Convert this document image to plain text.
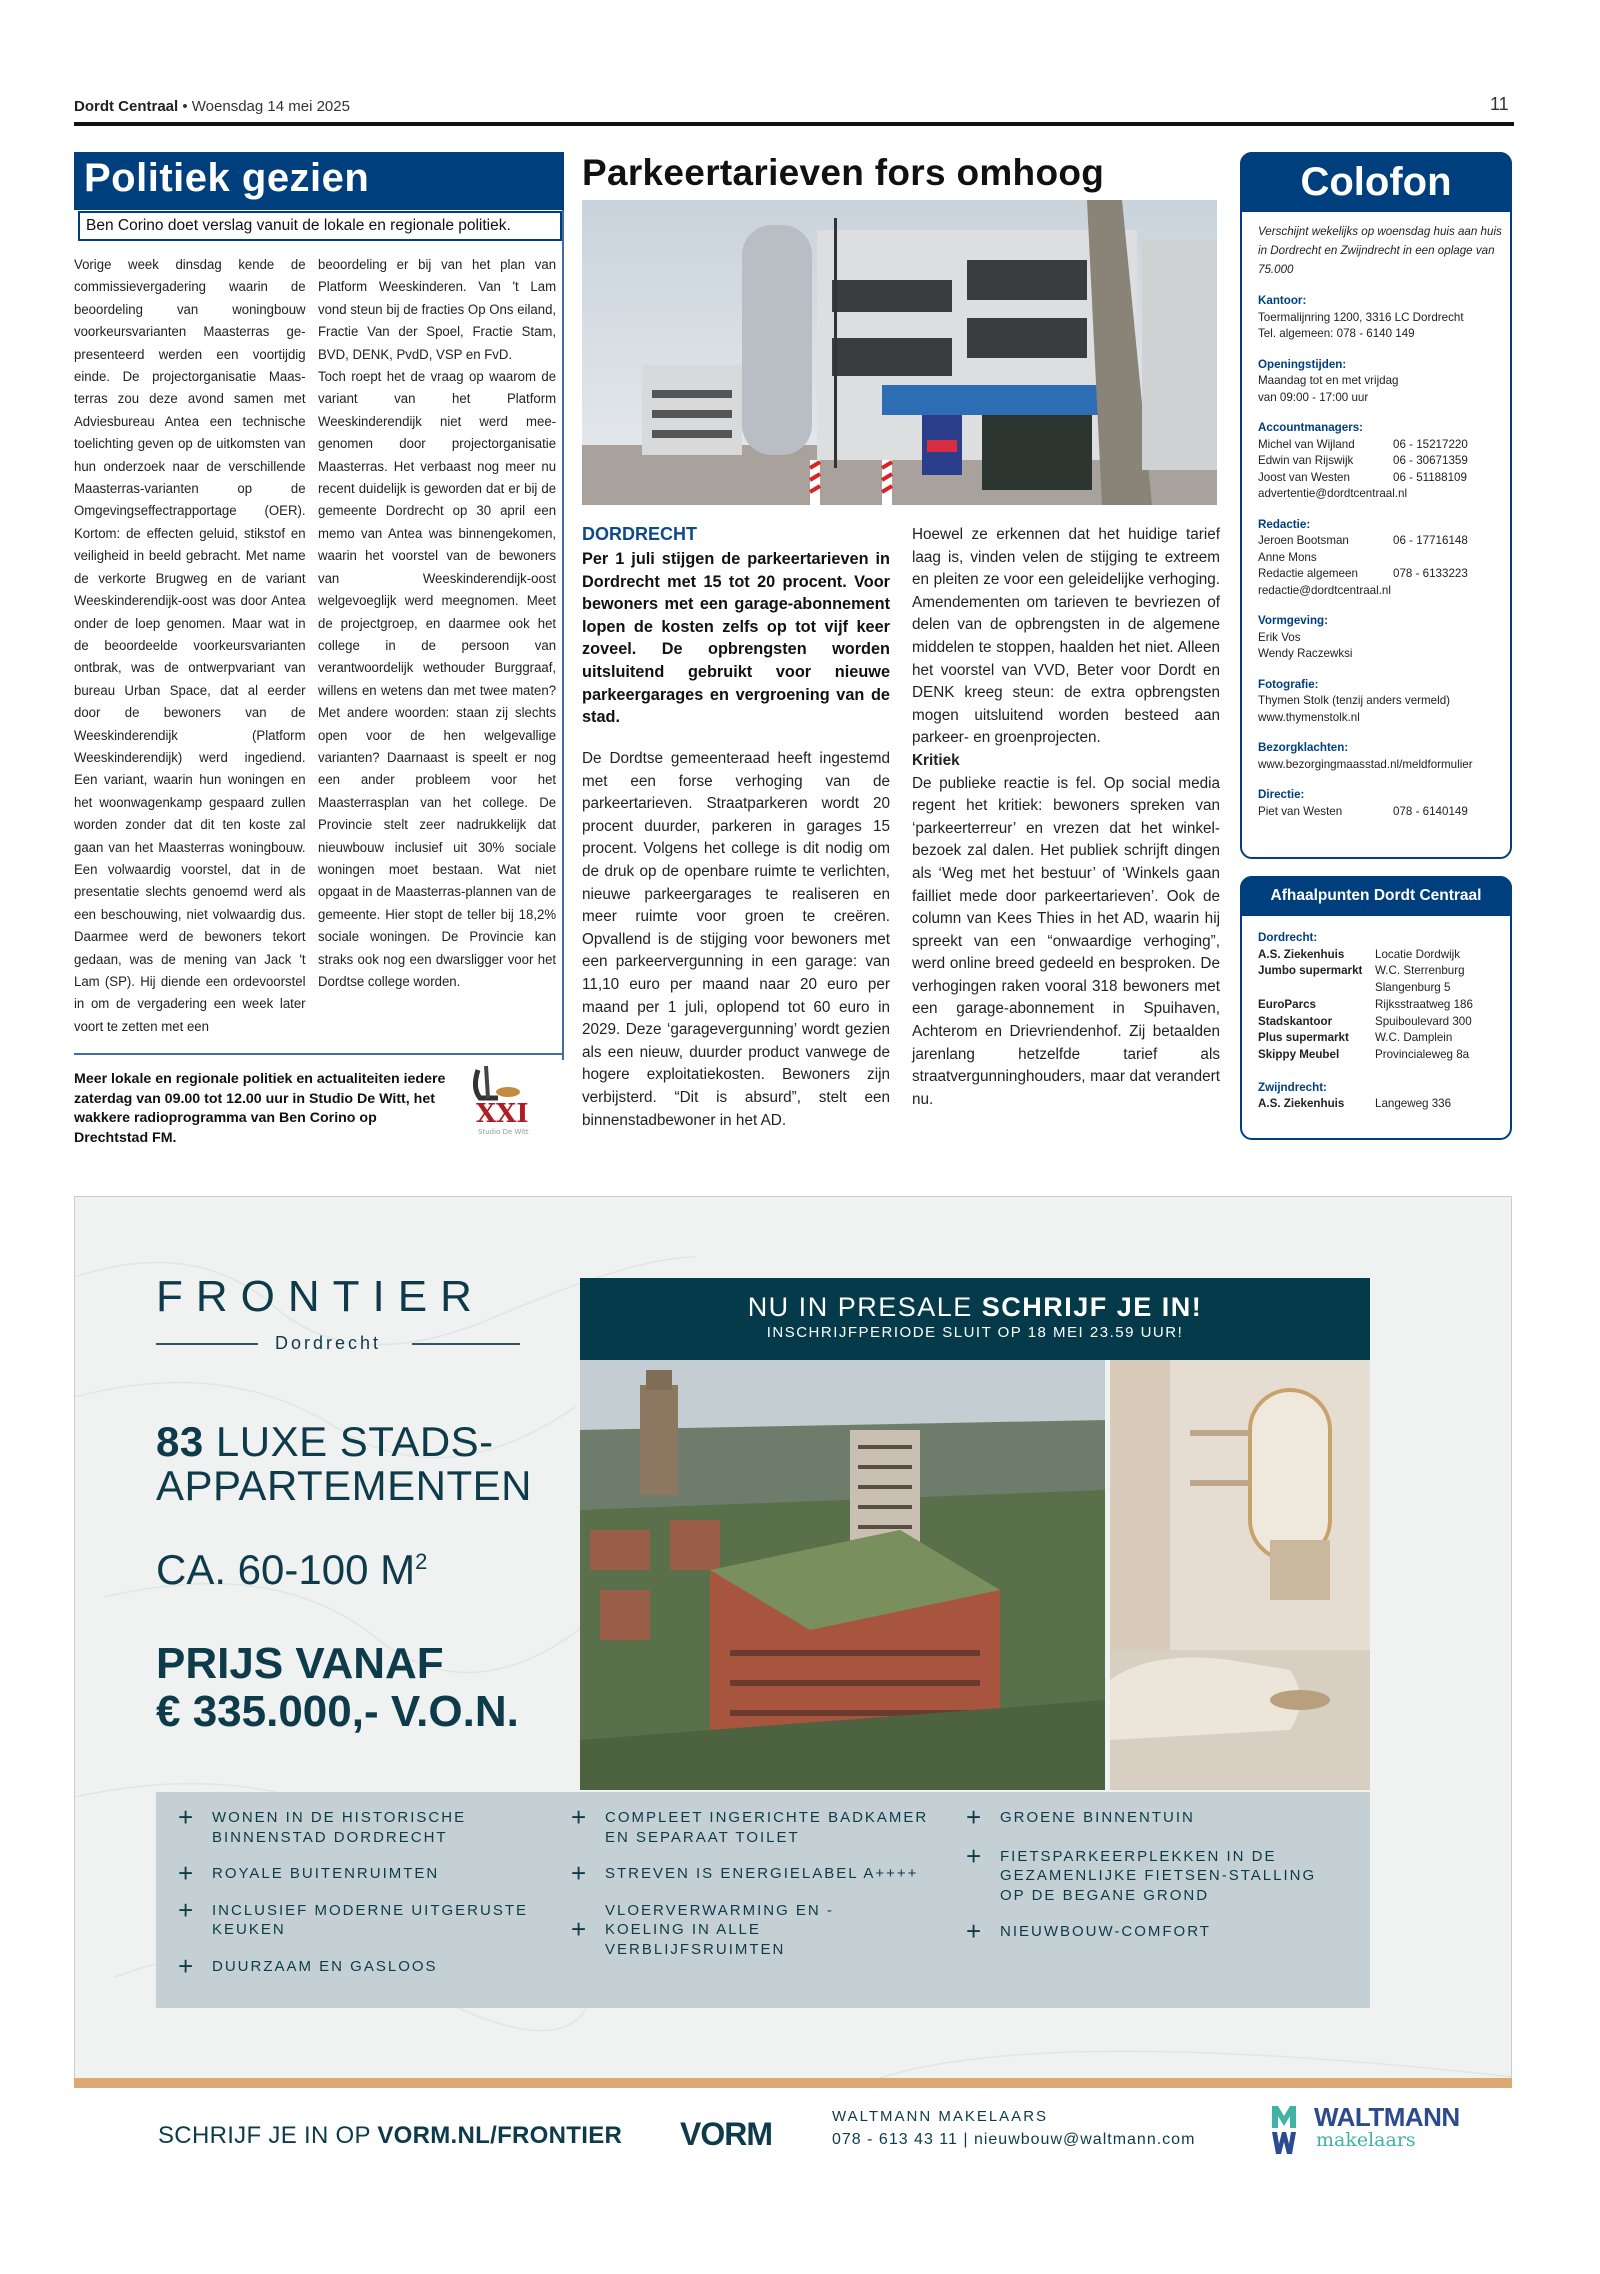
Dordt Centraal • Woensdag 14 mei 2025	11
Politiek gezien
Ben Corino doet verslag vanuit de lokale en regionale politiek.

Vorige week dinsdag kende de commissievergadering waarin de beoordeling van woningbouw voorkeursvarianten Maasterras gepresenteerd werden een voortijdig einde. De projectorganisatie Maasterras zou deze avond samen met Adviesbureau Antea een technische toelichting geven op de uitkomsten van hun onderzoek naar de verschillende Maasterras-varianten op de Omgevingseffectrapportage (OER). Kortom: de effecten geluid, stikstof en veiligheid in beeld gebracht. Met name de verkorte Brugweg en de variant Weeskinderendijk-oost was door Antea onder de loep genomen. Maar wat in de beoordeelde voorkeursvarianten ontbrak, was de ontwerpvariant van bureau Urban Space, dat al eerder door de bewoners van de Weeskinderendijk (Platform Weeskinderendijk) werd ingediend. Een variant, waarin hun woningen en het woonwagenkamp gespaard zullen worden zonder dat dit ten koste zal gaan van het Maasterras woningbouw. Een volwaardig voorstel, dat in de presentatie slechts genoemd werd als een beschouwing, niet volwaardig dus. Daarmee werd de bewoners tekort gedaan, was de mening van Jack 't Lam (SP). Hij diende een ordevoorstel in om de vergadering een week later voort te zetten met een

beoordeling er bij van het plan van Platform Weeskinderen. Van 't Lam vond steun bij de fracties Op Ons eiland, Fractie Van der Spoel, Fractie Stam, BVD, DENK, PvdD, VSP en FvD.

Toch roept het de vraag op waarom de variant van het Platform Weeskinderendijk niet werd meegenomen door projectorganisatie Maasterras. Het verbaast nog meer nu recent duidelijk is geworden dat er bij de gemeente Dordrecht op 30 april een memo van Antea was binnengekomen, waarin het voorstel van de bewoners van Weeskinderendijk-oost welgevoeglijk werd meegnomen. Meet de projectgroep, en daarmee ook het college in de persoon van verantwoordelijk wethouder Burggraaf, willens en wetens dan met twee maten? Met andere woorden: staan zij slechts open voor de hen welgevallige varianten? Daarnaast is speelt er nog een ander probleem voor het Maasterrasplan van het college. De Provincie stelt zeer nadrukkelijk dat nieuwbouw inclusief uit 30% sociale woningen moet bestaan. Wat niet opgaat in de Maasterras-plannen van de gemeente. Hier stopt de teller bij 18,2% sociale woningen. De Provincie kan straks ook nog een dwarsligger voor het Dordtse college worden.

Meer lokale en regionale politiek en actualiteiten iedere zaterdag van 09.00 tot 12.00 uur in Studio De Witt, het wakkere radioprogramma van Ben Corino op Drechtstad FM.
XXI
Studio De Witt
Parkeertarieven fors omhoog
DORDRECHT
Per 1 juli stijgen de parkeertarieven in Dordrecht met 15 tot 20 procent. Voor bewoners met een garage-abonnement lopen de kosten zelfs op tot vijf keer zoveel. De opbrengsten worden uitsluitend gebruikt voor nieuwe parkeergarages en vergroening van de stad.

De Dordtse gemeenteraad heeft ingestemd met een forse verhoging van de parkeertarieven. Straatparkeren wordt 20 procent duurder, parkeren in garages 15 procent. Volgens het college is dit nodig om de druk op de openbare ruimte te verlichten, nieuwe parkeergarages te realiseren en meer ruimte voor groen te creëren. Opvallend is de stijging voor bewoners met een parkeervergunning in een garage: van 11,10 euro per maand naar 20 euro per maand per 1 juli, oplopend tot 60 euro in 2029. Deze ‘garagevergunning’ wordt gezien als een nieuw, duurder product vanwege de hogere exploitatiekosten. Bewoners zijn verbijsterd. “Dit is absurd”, stelt een binnenstadbewoner in het AD.

Hoewel ze erkennen dat het huidige tarief laag is, vinden velen de stijging te extreem en pleiten ze voor een geleidelijke verhoging. Amendementen om tarieven te bevriezen of delen van de opbrengsten in de algemene middelen te stoppen, haalden het niet. Alleen het voorstel van VVD, Beter voor Dordt en DENK kreeg steun: de extra opbrengsten mogen uitsluitend worden besteed aan parkeer- en groenprojecten.

Kritiek

De publieke reactie is fel. Op social media regent het kritiek: bewoners spreken van ‘parkeerterreur’ en vrezen dat het winkelbezoek zal dalen. Het publiek schrijft dingen als ‘Weg met het bestuur’ of ‘Winkels gaan failliet mede door parkeertarieven’. Ook de column van Kees Thies in het AD, waarin hij spreekt van een “onwaardige verhoging”, werd online breed gedeeld en besproken. De verhogingen raken vooral 318 bewoners met een garage-abonnement in Spuihaven, Achterom en Drievriendenhof. Zij betaalden jarenlang hetzelfde tarief als straatvergunninghouders, maar dat verandert nu.

Colofon
Verschijnt wekelijks op woensdag huis aan huis in Dordrecht en Zwijndrecht in een oplage van 75.000
Kantoor:
Toermalijnring 1200, 3316 LC Dordrecht
Tel. algemeen: 078 - 6140 149
Openingstijden:
Maandag tot en met vrijdag
van 09:00 - 17:00 uur
Accountmanagers:
Michel van Wijland	06 - 15217220
Edwin van Rijswijk	06 - 30671359
Joost van Westen	06 - 51188109
advertentie@dordtcentraal.nl
Redactie:
Jeroen Bootsman	06 - 17716148
Anne Mons
Redactie algemeen	078 - 6133223
redactie@dordtcentraal.nl
Vormgeving:
Erik Vos
Wendy Raczewksi
Fotografie:
Thymen Stolk (tenzij anders vermeld)
www.thymenstolk.nl
Bezorgklachten:
www.bezorgingmaasstad.nl/meldformulier
Directie:
Piet van Westen	078 - 6140149
Afhaalpunten Dordt Centraal
Dordrecht:
A.S. Ziekenhuis	Locatie Dordwijk
Jumbo supermarkt	W.C. Sterrenburg
Slangenburg 5
EuroParcs	Rijksstraatweg 186
Stadskantoor	Spuiboulevard 300
Plus supermarkt	W.C. Damplein
Skippy Meubel	Provincialeweg 8a
Zwijndrecht:
A.S. Ziekenhuis	Langeweg 336
FRONTIER
Dordrecht
83 LUXE STADS-
APPARTEMENTEN
CA. 60-100 $M^2$
PRIJS VANAF
€ 335.000,- V.O.N.
NU IN PRESALE SCHRIJF JE IN!
INSCHRIJFPERIODE SLUIT OP 18 MEI 23.59 UUR!
+ WONEN IN DE HISTORISCHE BINNENSTAD DORDRECHT
+ ROYALE BUITENRUIMTEN
+ INCLUSIEF MODERNE UITGERUSTE KEUKEN
+ DUURZAAM EN GASLOOS
+ COMPLEET INGERICHTE BADKAMER EN SEPARAAT TOILET
+ STREVEN IS ENERGIELABEL A++++
+
VLOERVERWARMING EN -KOELING IN ALLE VERBLIJFSRUIMTEN
+ GROENE BINNENTUIN
+ FIETSPARKEERPLEKKEN IN DE GEZAMENLIJKE FIETSEN-STALLING OP DE BEGANE GROND
+ NIEUWBOUW-COMFORT
SCHRIJF JE IN OP VORM.NL/FRONTIER VORM	WALTMANN MAKELAARS
078 - 613 43 11 | nieuwbouw@waltmann.com
WALTMANN
makelaars
